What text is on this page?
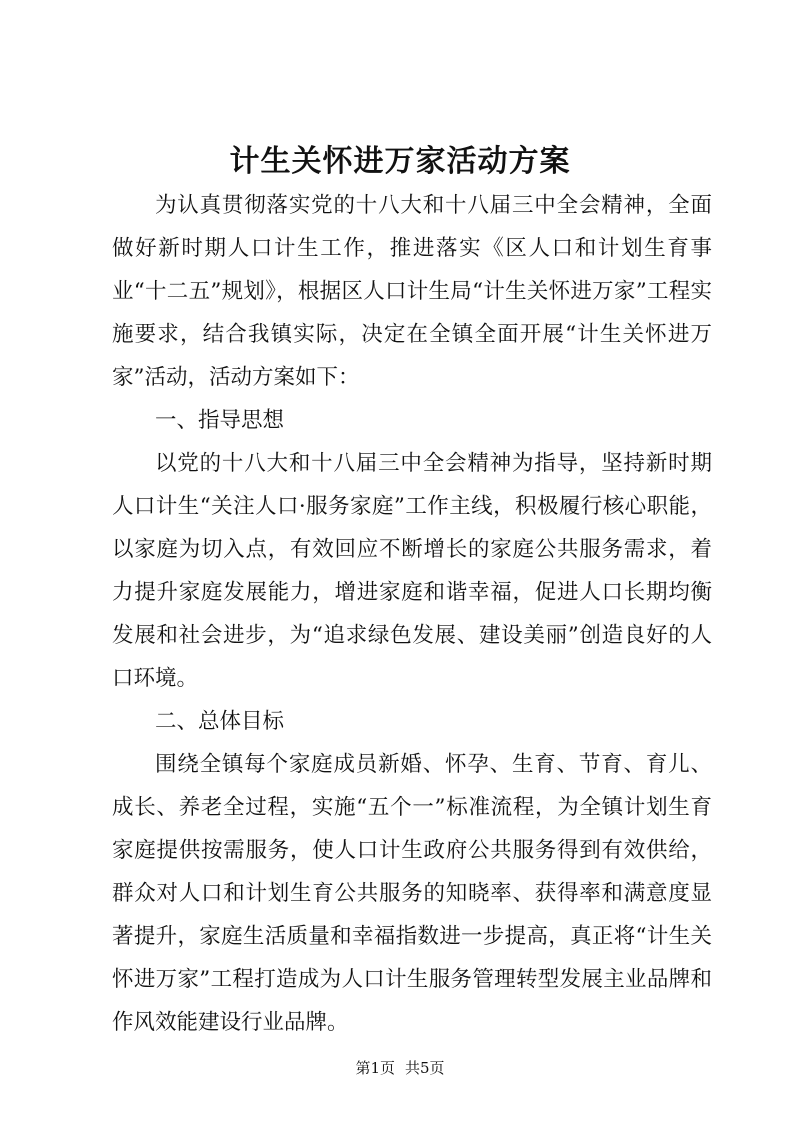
计生关怀进万家活动方案

为认真贯彻落实党的十八大和十八届三中全会精神，全面做好新时期人口计生工作，推进落实《区人口和计划生育事业“十二五”规划》，根据区人口计生局“计生关怀进万家”工程实施要求，结合我镇实际，决定在全镇全面开展“计生关怀进万家”活动，活动方案如下：

一、指导思想

以党的十八大和十八届三中全会精神为指导，坚持新时期人口计生“关注人口·服务家庭”工作主线，积极履行核心职能，以家庭为切入点，有效回应不断增长的家庭公共服务需求，着力提升家庭发展能力，增进家庭和谐幸福，促进人口长期均衡发展和社会进步，为“追求绿色发展、建设美丽”创造良好的人口环境。

二、总体目标

围绕全镇每个家庭成员新婚、怀孕、生育、节育、育儿、成长、养老全过程，实施“五个一”标准流程，为全镇计划生育家庭提供按需服务，使人口计生政府公共服务得到有效供给，群众对人口和计划生育公共服务的知晓率、获得率和满意度显著提升，家庭生活质量和幸福指数进一步提高，真正将“计生关怀进万家”工程打造成为人口计生服务管理转型发展主业品牌和作风效能建设行业品牌。

第1页 共5页
